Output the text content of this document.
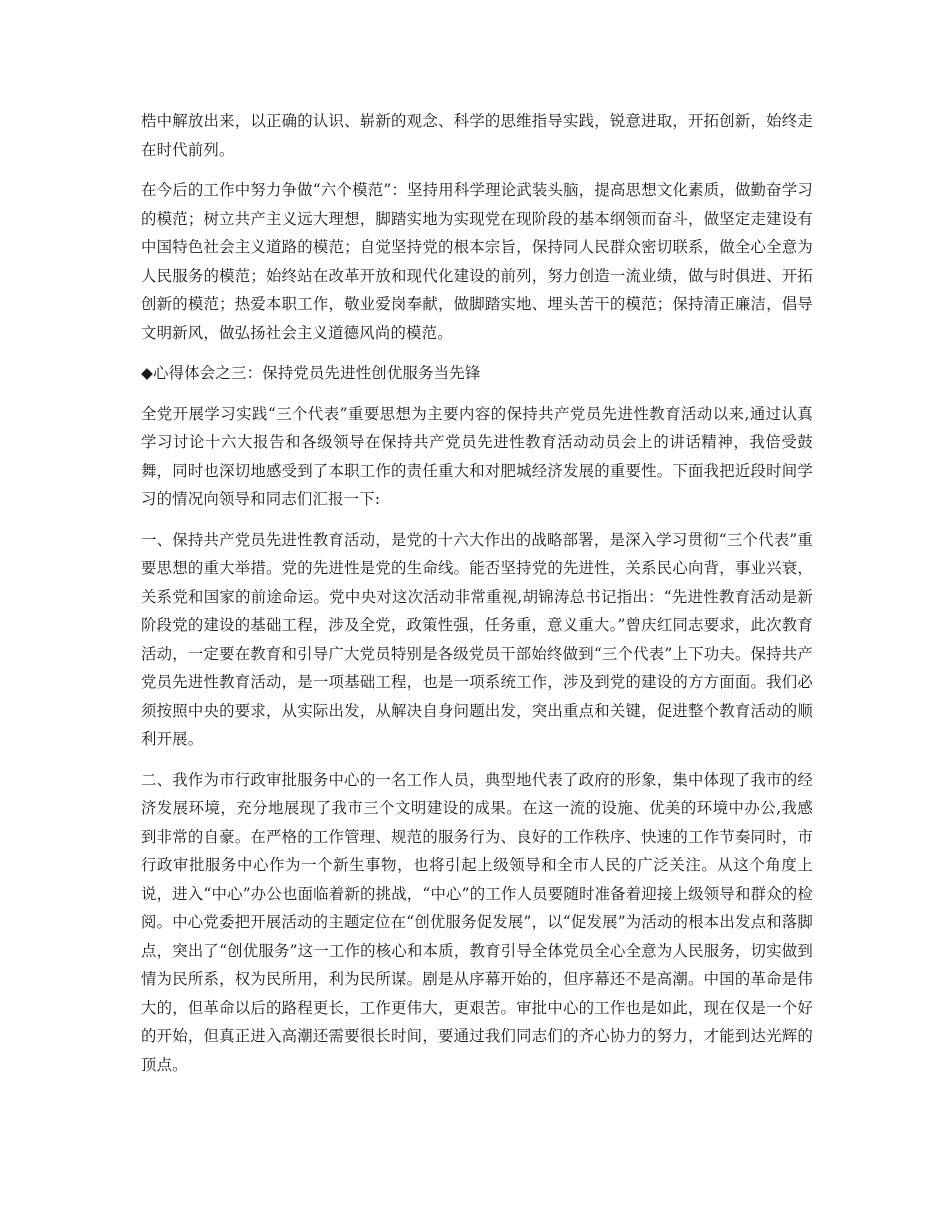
梏中解放出来，以正确的认识、崭新的观念、科学的思维指导实践，锐意进取，开拓创新，始终走在时代前列。

在今后的工作中努力争做“六个模范”：坚持用科学理论武装头脑，提高思想文化素质，做勤奋学习的模范；树立共产主义远大理想，脚踏实地为实现党在现阶段的基本纲领而奋斗，做坚定走建设有中国特色社会主义道路的模范；自觉坚持党的根本宗旨，保持同人民群众密切联系，做全心全意为人民服务的模范；始终站在改革开放和现代化建设的前列，努力创造一流业绩，做与时俱进、开拓创新的模范；热爱本职工作，敬业爱岗奉献，做脚踏实地、埋头苦干的模范；保持清正廉洁，倡导文明新风，做弘扬社会主义道德风尚的模范。

◆心得体会之三：保持党员先进性创优服务当先锋

全党开展学习实践“三个代表”重要思想为主要内容的保持共产党员先进性教育活动以来,通过认真学习讨论十六大报告和各级领导在保持共产党员先进性教育活动动员会上的讲话精神，我倍受鼓舞，同时也深切地感受到了本职工作的责任重大和对肥城经济发展的重要性。下面我把近段时间学习的情况向领导和同志们汇报一下:

一、保持共产党员先进性教育活动，是党的十六大作出的战略部署，是深入学习贯彻“三个代表”重要思想的重大举措。党的先进性是党的生命线。能否坚持党的先进性，关系民心向背，事业兴衰，关系党和国家的前途命运。党中央对这次活动非常重视,胡锦涛总书记指出：“先进性教育活动是新阶段党的建设的基础工程，涉及全党，政策性强，任务重，意义重大。”曾庆红同志要求，此次教育活动，一定要在教育和引导广大党员特别是各级党员干部始终做到“三个代表”上下功夫。保持共产党员先进性教育活动，是一项基础工程，也是一项系统工作，涉及到党的建设的方方面面。我们必须按照中央的要求，从实际出发，从解决自身问题出发，突出重点和关键，促进整个教育活动的顺利开展。

二、我作为市行政审批服务中心的一名工作人员，典型地代表了政府的形象，集中体现了我市的经济发展环境，充分地展现了我市三个文明建设的成果。在这一流的设施、优美的环境中办公,我感到非常的自豪。在严格的工作管理、规范的服务行为、良好的工作秩序、快速的工作节奏同时，市行政审批服务中心作为一个新生事物，也将引起上级领导和全市人民的广泛关注。从这个角度上说，进入“中心”办公也面临着新的挑战，“中心”的工作人员要随时准备着迎接上级领导和群众的检阅。中心党委把开展活动的主题定位在“创优服务促发展”，以“促发展”为活动的根本出发点和落脚点，突出了“创优服务”这一工作的核心和本质，教育引导全体党员全心全意为人民服务，切实做到情为民所系，权为民所用，利为民所谋。剧是从序幕开始的，但序幕还不是高潮。中国的革命是伟大的，但革命以后的路程更长，工作更伟大，更艰苦。审批中心的工作也是如此，现在仅是一个好的开始，但真正进入高潮还需要很长时间，要通过我们同志们的齐心协力的努力，才能到达光辉的顶点。
